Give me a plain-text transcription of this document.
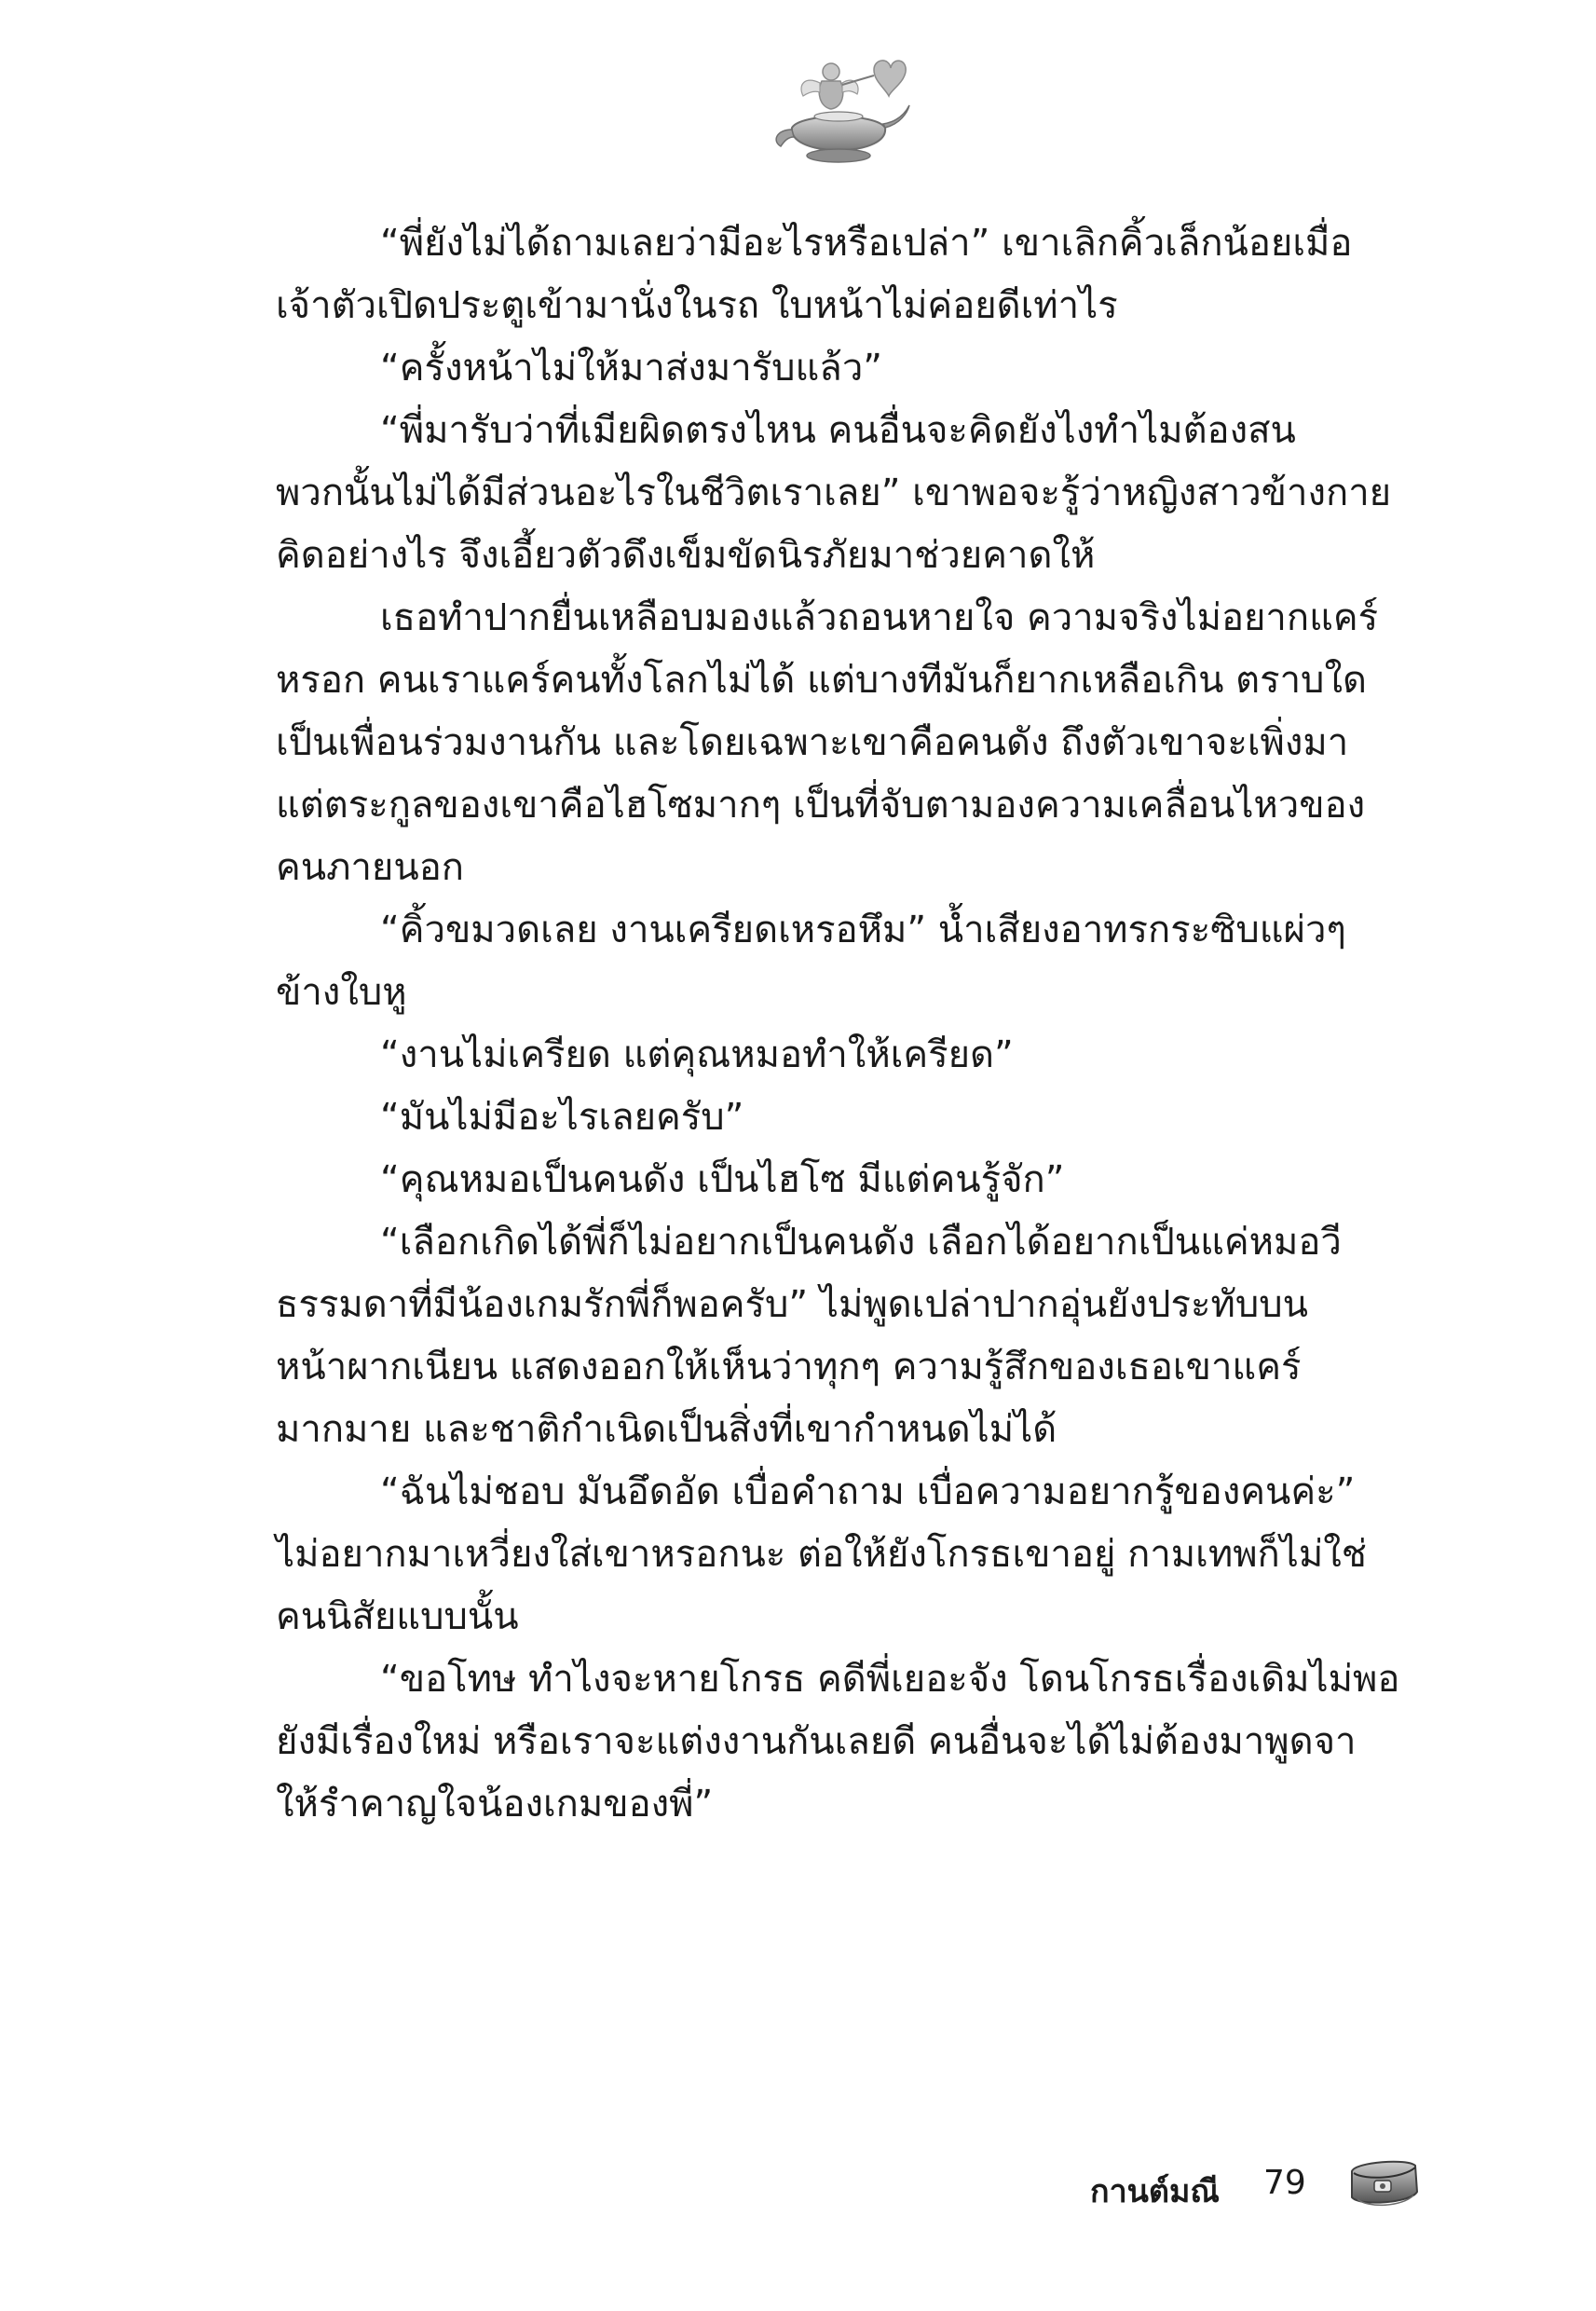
“พี่ยังไม่ได้ถามเลยว่ามีอะไรหรือเปล่า” เขาเลิกคิ้วเล็กน้อยเมื่อ
เจ้าตัวเปิดประตูเข้ามานั่งในรถ ใบหน้าไม่ค่อยดีเท่าไร

“ครั้งหน้าไม่ให้มาส่งมารับแล้ว”

“พี่มารับว่าที่เมียผิดตรงไหน คนอื่นจะคิดยังไงทำไมต้องสน
พวกนั้นไม่ได้มีส่วนอะไรในชีวิตเราเลย” เขาพอจะรู้ว่าหญิงสาวข้างกาย
คิดอย่างไร จึงเอี้ยวตัวดึงเข็มขัดนิรภัยมาช่วยคาดให้

เธอทำปากยื่นเหลือบมองแล้วถอนหายใจ ความจริงไม่อยากแคร์
หรอก คนเราแคร์คนทั้งโลกไม่ได้ แต่บางทีมันก็ยากเหลือเกิน ตราบใด
เป็นเพื่อนร่วมงานกัน และโดยเฉพาะเขาคือคนดัง ถึงตัวเขาจะเพิ่งมา
แต่ตระกูลของเขาคือไฮโซมากๆ เป็นที่จับตามองความเคลื่อนไหวของ
คนภายนอก

“คิ้วขมวดเลย งานเครียดเหรอหึม” น้ำเสียงอาทรกระซิบแผ่วๆ
ข้างใบหู

“งานไม่เครียด แต่คุณหมอทำให้เครียด”

“มันไม่มีอะไรเลยครับ”

“คุณหมอเป็นคนดัง เป็นไฮโซ มีแต่คนรู้จัก”

“เลือกเกิดได้พี่ก็ไม่อยากเป็นคนดัง เลือกได้อยากเป็นแค่หมอวี
ธรรมดาที่มีน้องเกมรักพี่ก็พอครับ” ไม่พูดเปล่าปากอุ่นยังประทับบน
หน้าผากเนียน แสดงออกให้เห็นว่าทุกๆ ความรู้สึกของเธอเขาแคร์
มากมาย และชาติกำเนิดเป็นสิ่งที่เขากำหนดไม่ได้

“ฉันไม่ชอบ มันอึดอัด เบื่อคำถาม เบื่อความอยากรู้ของคนค่ะ”
ไม่อยากมาเหวี่ยงใส่เขาหรอกนะ ต่อให้ยังโกรธเขาอยู่ กามเทพก็ไม่ใช่
คนนิสัยแบบนั้น

“ขอโทษ ทำไงจะหายโกรธ คดีพี่เยอะจัง โดนโกรธเรื่องเดิมไม่พอ
ยังมีเรื่องใหม่ หรือเราจะแต่งงานกันเลยดี คนอื่นจะได้ไม่ต้องมาพูดจา
ให้รำคาญใจน้องเกมของพี่”

กานต์มณี 79
